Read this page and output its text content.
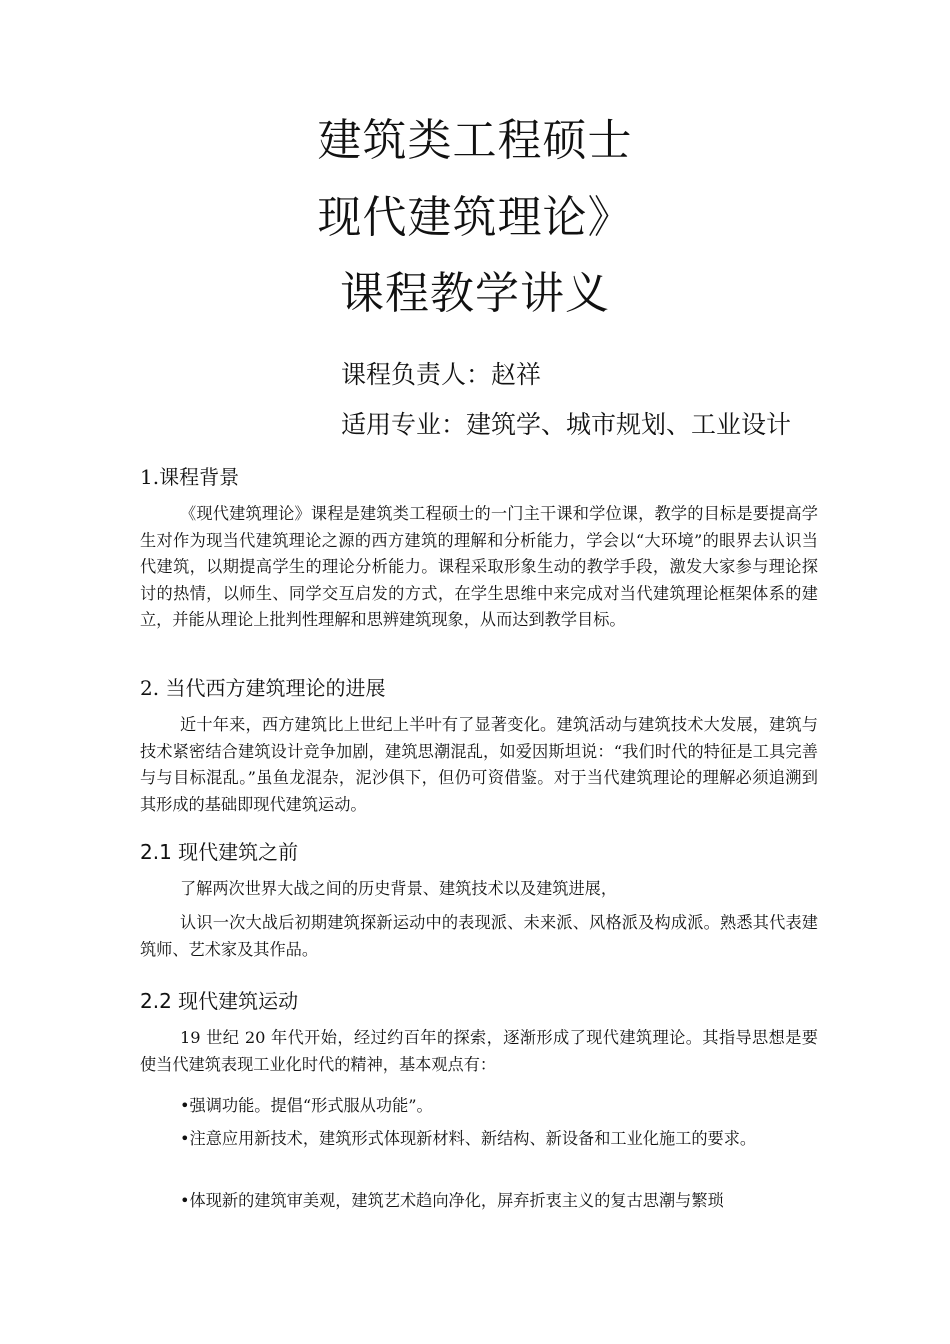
建筑类工程硕士
现代建筑理论》
课程教学讲义
课程负责人：赵祥
适用专业：建筑学、城市规划、工业设计
1.课程背景

《现代建筑理论》课程是建筑类工程硕士的一门主干课和学位课，教学的目标是要提高学生对作为现当代建筑理论之源的西方建筑的理解和分析能力，学会以“大环境”的眼界去认识当代建筑，以期提高学生的理论分析能力。课程采取形象生动的教学手段，激发大家参与理论探讨的热情，以师生、同学交互启发的方式，在学生思维中来完成对当代建筑理论框架体系的建立，并能从理论上批判性理解和思辨建筑现象，从而达到教学目标。

2. 当代西方建筑理论的进展

近十年来，西方建筑比上世纪上半叶有了显著变化。建筑活动与建筑技术大发展，建筑与技术紧密结合建筑设计竞争加剧，建筑思潮混乱，如爱因斯坦说：“我们时代的特征是工具完善与与目标混乱。”虽鱼龙混杂，泥沙俱下，但仍可资借鉴。对于当代建筑理论的理解必须追溯到其形成的基础即现代建筑运动。

2.1 现代建筑之前

了解两次世界大战之间的历史背景、建筑技术以及建筑进展，

认识一次大战后初期建筑探新运动中的表现派、未来派、风格派及构成派。熟悉其代表建筑师、艺术家及其作品。

2.2 现代建筑运动

19 世纪 20 年代开始，经过约百年的探索，逐渐形成了现代建筑理论。其指导思想是要使当代建筑表现工业化时代的精神，基本观点有：

•强调功能。提倡“形式服从功能”。

•注意应用新技术，建筑形式体现新材料、新结构、新设备和工业化施工的要求。

•体现新的建筑审美观，建筑艺术趋向净化，屏弃折衷主义的复古思潮与繁琐
